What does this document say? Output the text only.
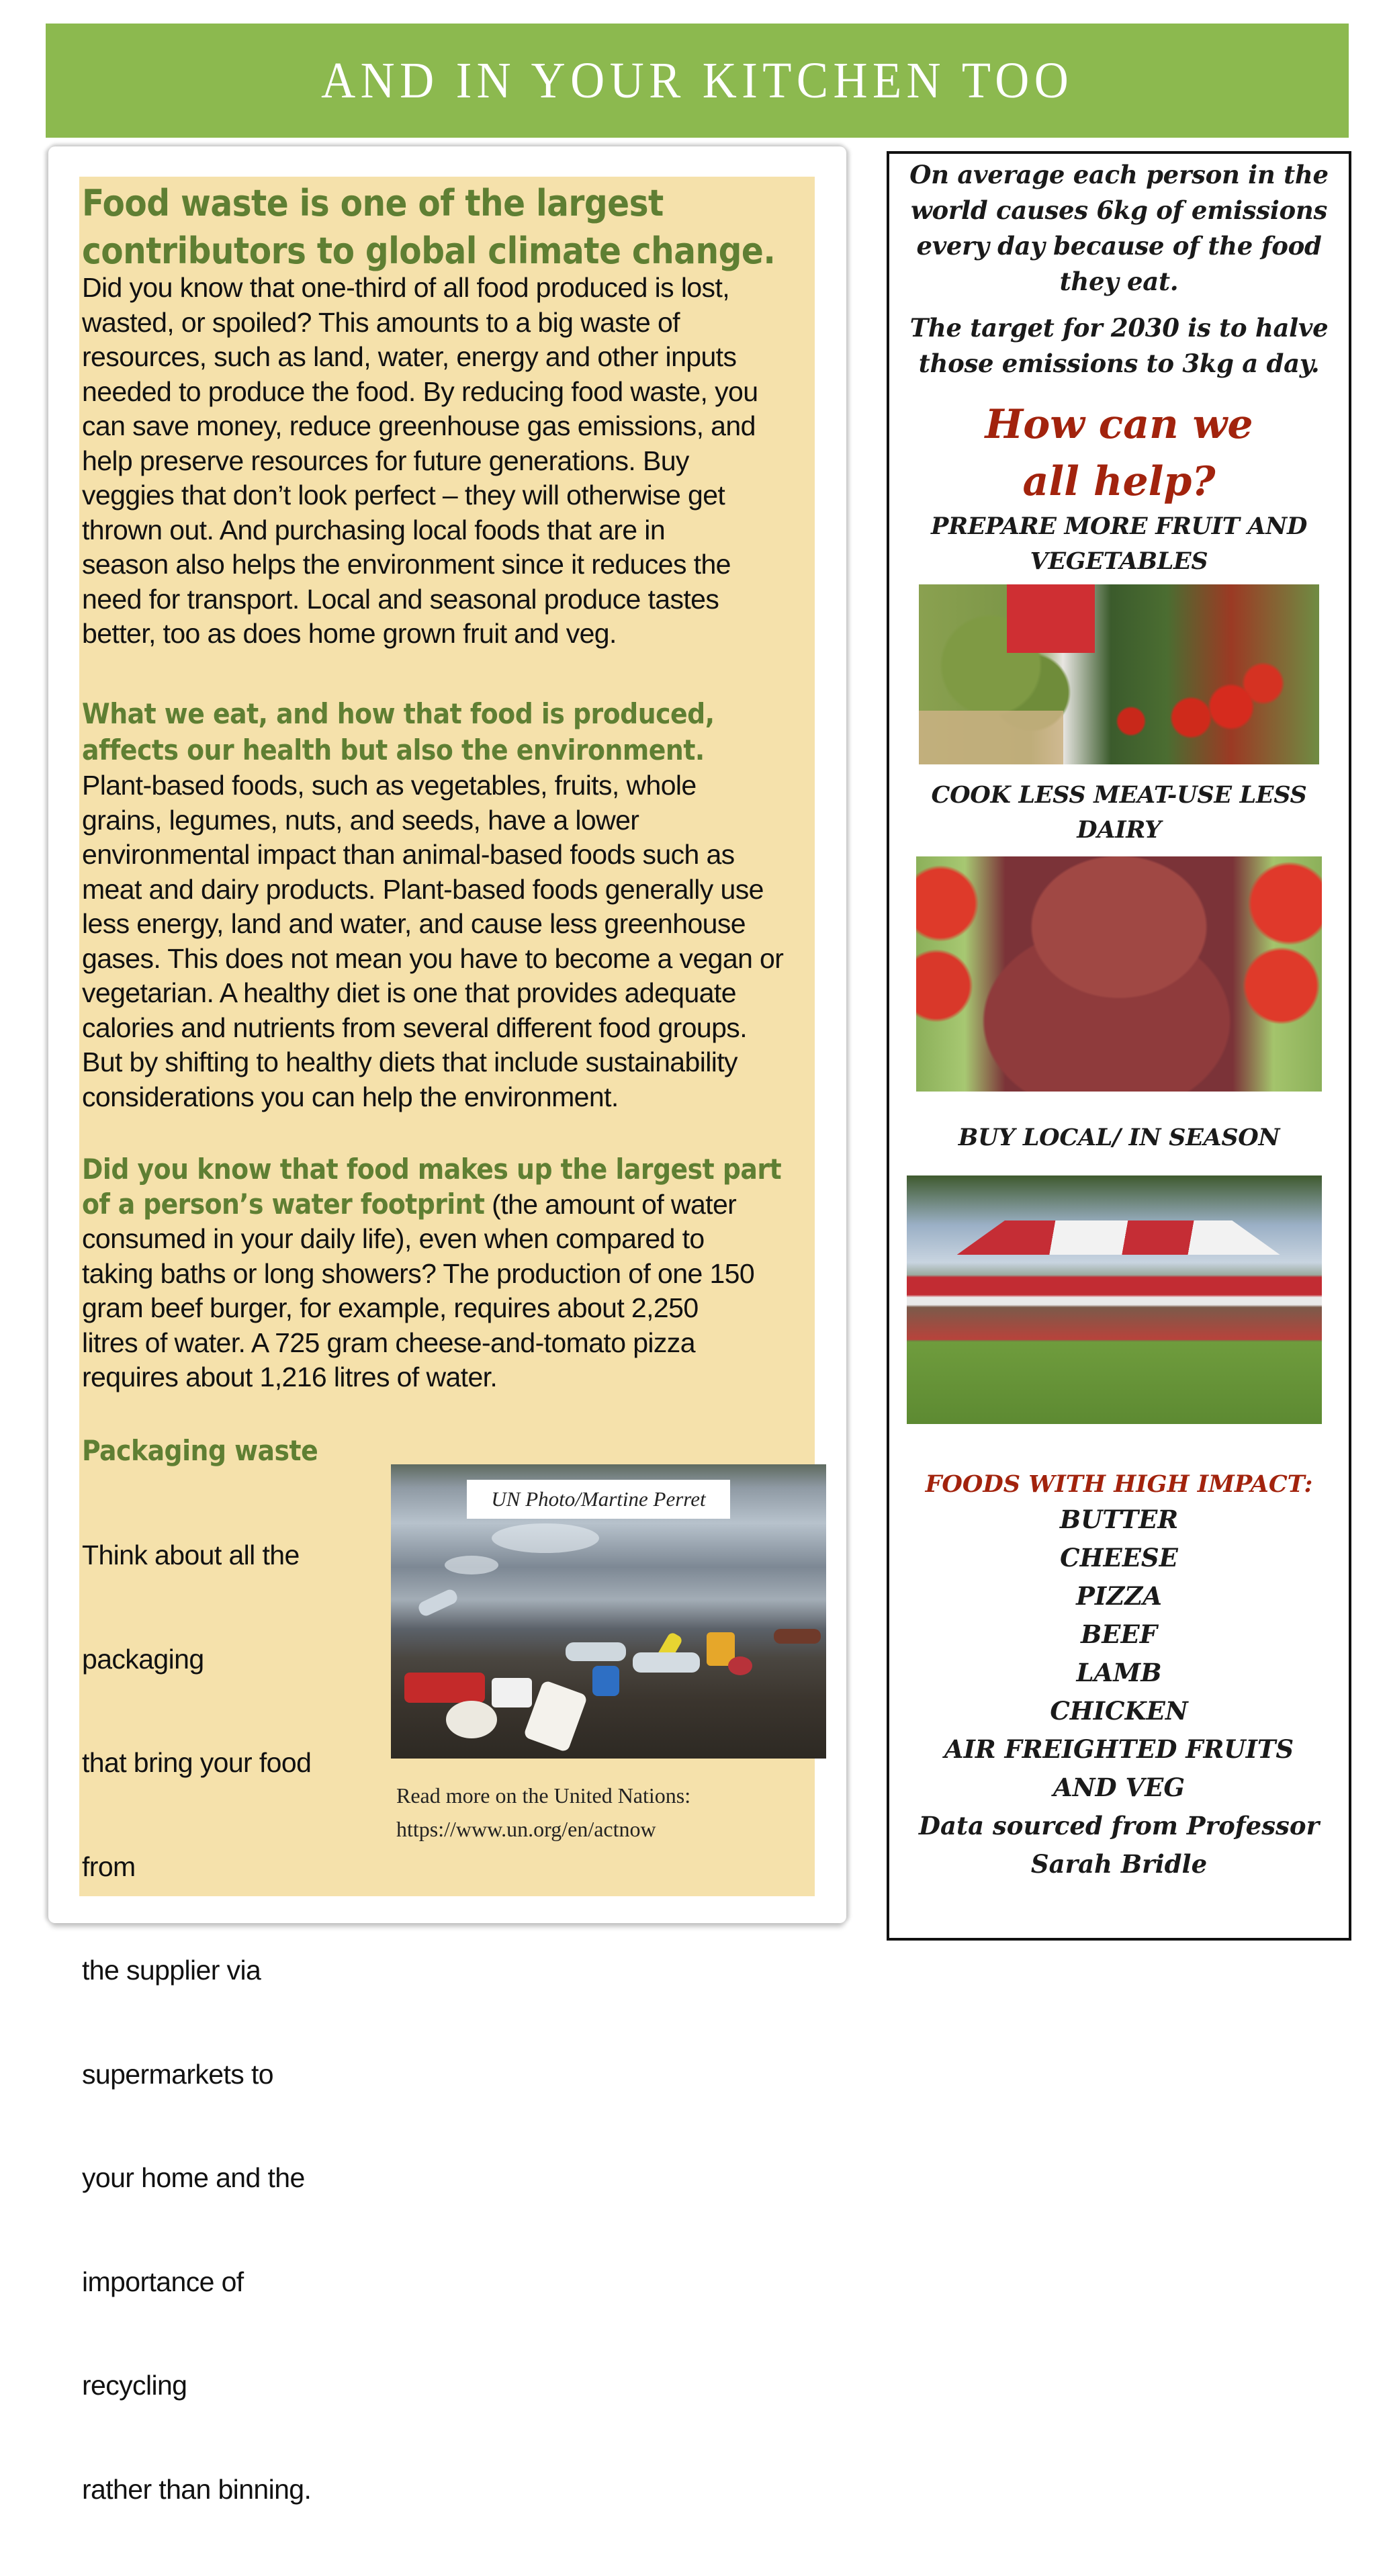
AND IN YOUR KITCHEN TOO
Food waste is one of the largest
contributors to global climate change.
Did you know that one-third of all food produced is lost,
wasted, or spoiled? This amounts to a big waste of
resources, such as land, water, energy and other inputs
needed to produce the food. By reducing food waste, you
can save money, reduce greenhouse gas emissions, and
help preserve resources for future generations. Buy
veggies that don’t look perfect – they will otherwise get
thrown out. And purchasing local foods that are in
season also helps the environment since it reduces the
need for transport. Local and seasonal produce tastes
better, too as does home grown fruit and veg.
What we eat, and how that food is produced,
affects our health but also the environment.
Plant-based foods, such as vegetables, fruits, whole
grains, legumes, nuts, and seeds, have a lower
environmental impact than animal-based foods such as
meat and dairy products. Plant-based foods generally use
less energy, land and water, and cause less greenhouse
gases. This does not mean you have to become a vegan or
vegetarian. A healthy diet is one that provides adequate
calories and nutrients from several different food groups.
But by shifting to healthy diets that include sustainability
considerations you can help the environment.
Did you know that food makes up the largest part
of a person’s water footprint (the amount of water
consumed in your daily life), even when compared to
taking baths or long showers? The production of one 150
gram beef burger, for example, requires about 2,250
litres of water. A 725 gram cheese-and-tomato pizza
requires about 1,216 litres of water.
Packaging waste

Think about all the

packaging

that bring your food

from

the supplier via

supermarkets to

your home and the

importance of

recycling

rather than binning.

UN Photo/Martine Perret
Read more on the United Nations:
https://www.un.org/en/actnow
On average each person in the
world causes 6kg of emissions
every day because of the food
they eat.
The target for 2030 is to halve
those emissions to 3kg a day.
How can we
all help?
PREPARE MORE FRUIT AND
VEGETABLES
COOK LESS MEAT-USE LESS
DAIRY
BUY LOCAL/ IN SEASON
FOODS WITH HIGH IMPACT:
BUTTER
CHEESE
PIZZA
BEEF
LAMB
CHICKEN
AIR FREIGHTED FRUITS
AND VEG
Data sourced from Professor
Sarah Bridle
